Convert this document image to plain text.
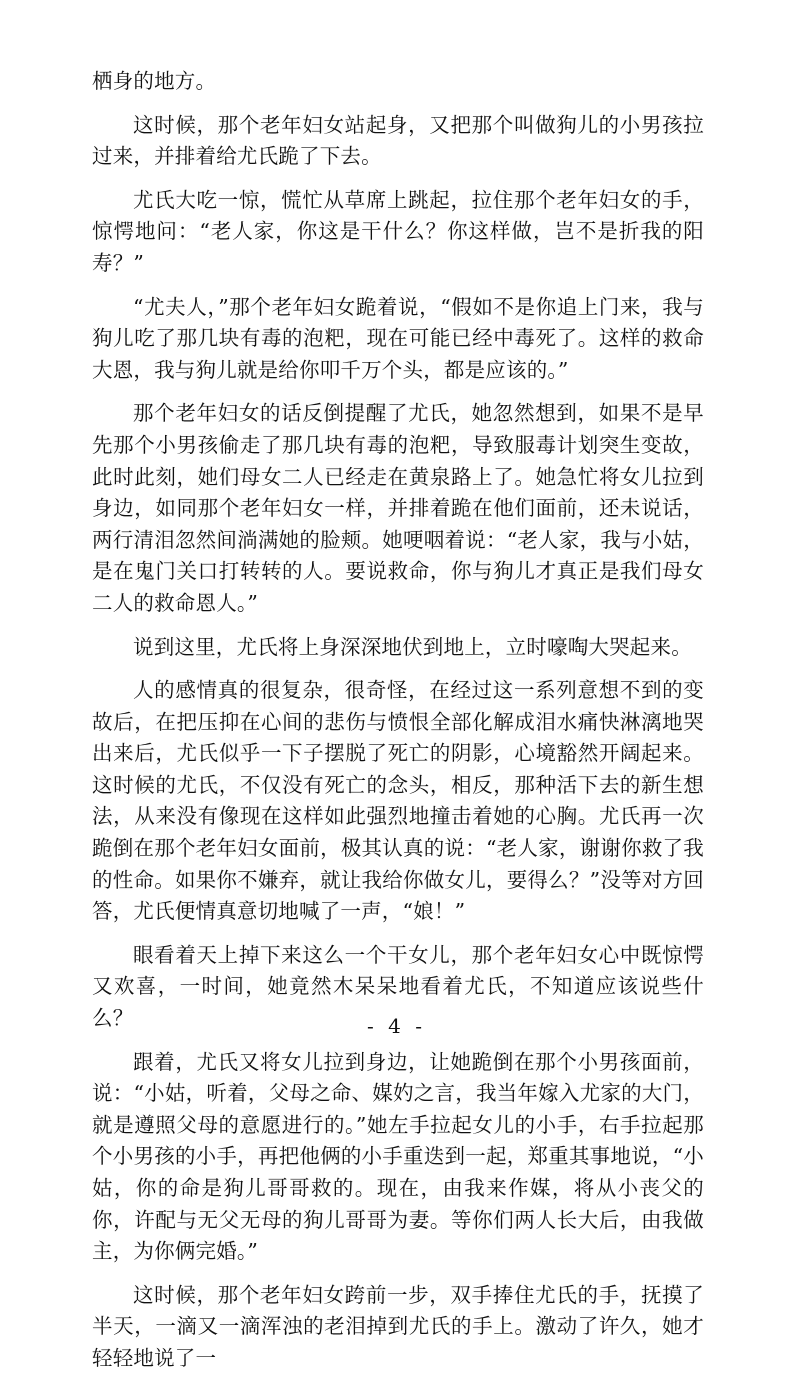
栖身的地方。

这时候，那个老年妇女站起身，又把那个叫做狗儿的小男孩拉过来，并排着给尤氏跪了下去。

尤氏大吃一惊，慌忙从草席上跳起，拉住那个老年妇女的手，惊愕地问：“老人家，你这是干什么？你这样做，岂不是折我的阳寿？”

“尤夫人，”那个老年妇女跪着说，“假如不是你追上门来，我与狗儿吃了那几块有毒的泡粑，现在可能已经中毒死了。这样的救命大恩，我与狗儿就是给你叩千万个头，都是应该的。”

那个老年妇女的话反倒提醒了尤氏，她忽然想到，如果不是早先那个小男孩偷走了那几块有毒的泡粑，导致服毒计划突生变故，此时此刻，她们母女二人已经走在黄泉路上了。她急忙将女儿拉到身边，如同那个老年妇女一样，并排着跪在他们面前，还未说话，两行清泪忽然间淌满她的脸颊。她哽咽着说：“老人家，我与小姑，是在鬼门关口打转转的人。要说救命，你与狗儿才真正是我们母女二人的救命恩人。”

说到这里，尤氏将上身深深地伏到地上，立时嚎啕大哭起来。

人的感情真的很复杂，很奇怪，在经过这一系列意想不到的变故后，在把压抑在心间的悲伤与愤恨全部化解成泪水痛快淋漓地哭出来后，尤氏似乎一下子摆脱了死亡的阴影，心境豁然开阔起来。这时候的尤氏，不仅没有死亡的念头，相反，那种活下去的新生想法，从来没有像现在这样如此强烈地撞击着她的心胸。尤氏再一次跪倒在那个老年妇女面前，极其认真的说：“老人家，谢谢你救了我的性命。如果你不嫌弃，就让我给你做女儿，要得么？”没等对方回答，尤氏便情真意切地喊了一声，“娘！”

眼看着天上掉下来这么一个干女儿，那个老年妇女心中既惊愕又欢喜，一时间，她竟然木呆呆地看着尤氏，不知道应该说些什么？

跟着，尤氏又将女儿拉到身边，让她跪倒在那个小男孩面前，说：“小姑，听着，父母之命、媒妁之言，我当年嫁入尤家的大门，就是遵照父母的意愿进行的。”她左手拉起女儿的小手，右手拉起那个小男孩的小手，再把他俩的小手重迭到一起，郑重其事地说，“小姑，你的命是狗儿哥哥救的。现在，由我来作媒，将从小丧父的你，许配与无父无母的狗儿哥哥为妻。等你们两人长大后，由我做主，为你俩完婚。”

这时候，那个老年妇女跨前一步，双手捧住尤氏的手，抚摸了半天，一滴又一滴浑浊的老泪掉到尤氏的手上。激动了许久，她才轻轻地说了一

- 4 -
